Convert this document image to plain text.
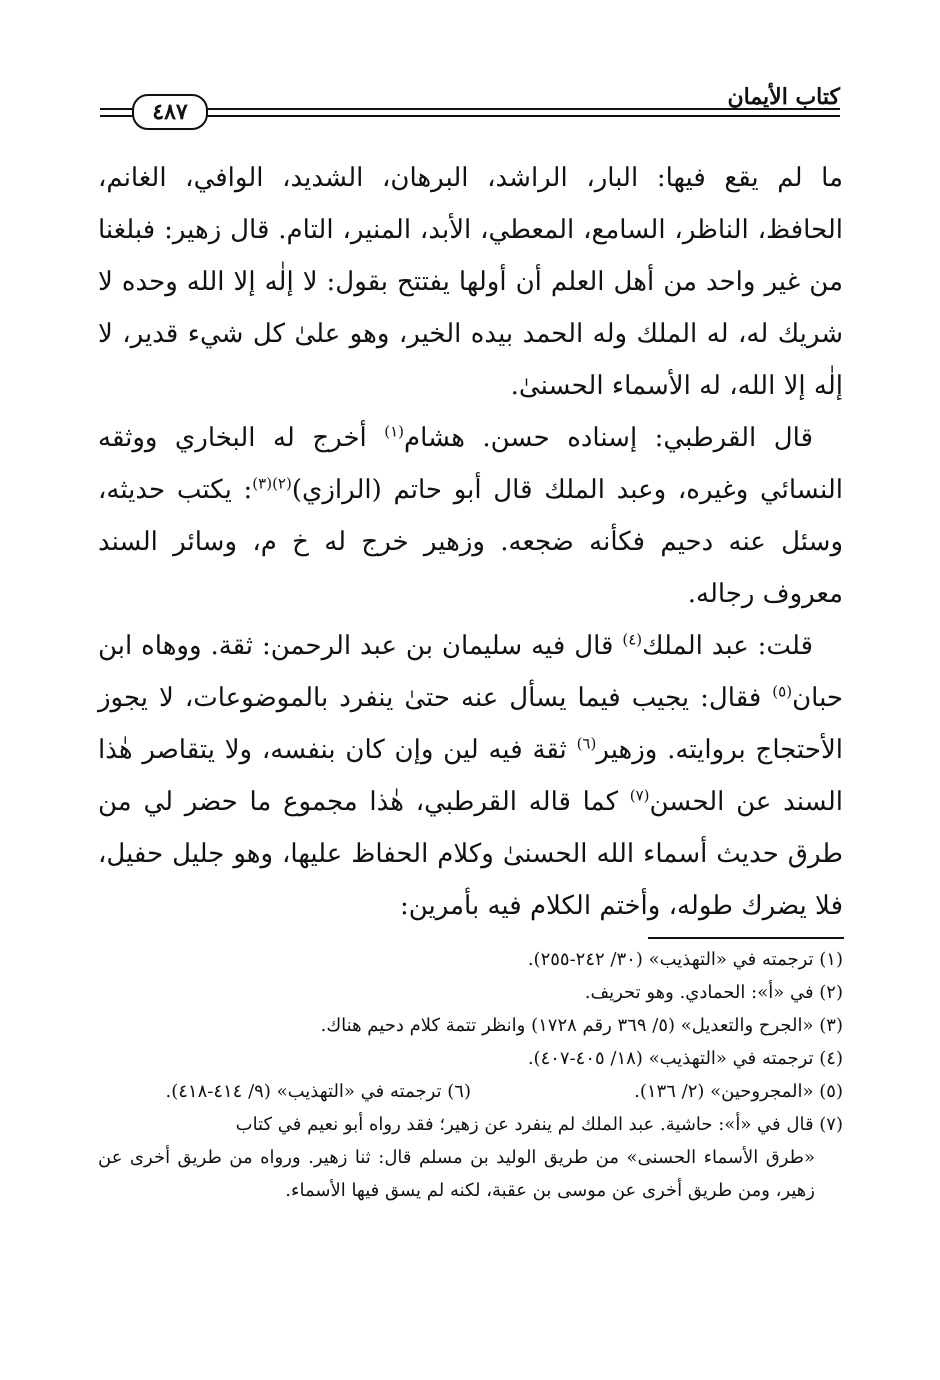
كتاب الأيمان
٤٨٧

ما لم يقع فيها: البار، الراشد، البرهان، الشديد، الوافي، الغانم، الحافظ، الناظر، السامع، المعطي، الأبد، المنير، التام. قال زهير: فبلغنا من غير واحد من أهل العلم أن أولها يفتتح بقول: لا إلٰه إلا الله وحده لا شريك له، له الملك وله الحمد بيده الخير، وهو علىٰ كل شيء قدير، لا إلٰه إلا الله، له الأسماء الحسنىٰ.

قال القرطبي: إسناده حسن. هشام$^{(١)}$ أخرج له البخاري ووثقه النسائي وغيره، وعبد الملك قال أبو حاتم (الرازي)$^{(٢)(٣)}$: يكتب حديثه، وسئل عنه دحيم فكأنه ضجعه. وزهير خرج له خ م، وسائر السند معروف رجاله.

قلت: عبد الملك$^{(٤)}$ قال فيه سليمان بن عبد الرحمن: ثقة. ووهاه ابن حبان$^{(٥)}$ فقال: يجيب فيما يسأل عنه حتىٰ ينفرد بالموضوعات، لا يجوز الأحتجاج بروايته. وزهير$^{(٦)}$ ثقة فيه لين وإن كان بنفسه، ولا يتقاصر هٰذا السند عن الحسن$^{(٧)}$ كما قاله القرطبي، هٰذا مجموع ما حضر لي من طرق حديث أسماء الله الحسنىٰ وكلام الحفاظ عليها، وهو جليل حفيل، فلا يضرك طوله، وأختم الكلام فيه بأمرين:

(١) ترجمته في «التهذيب» (٣٠/ ٢٤٢-٢٥٥).

(٢) في «أ»: الحمادي. وهو تحريف.

(٣) «الجرح والتعديل» (٥/ ٣٦٩ رقم ١٧٢٨) وانظر تتمة كلام دحيم هناك.

(٤) ترجمته في «التهذيب» (١٨/ ٤٠٥-٤٠٧).

(٥) «المجروحين» (٢/ ١٣٦).

(٦) ترجمته في «التهذيب» (٩/ ٤١٤-٤١٨).

(٧) قال في «أ»: حاشية. عبد الملك لم ينفرد عن زهير؛ فقد رواه أبو نعيم في كتاب

«طرق الأسماء الحسنى» من طريق الوليد بن مسلم قال: ثنا زهير. ورواه من طريق أخرى عن زهير، ومن طريق أخرى عن موسى بن عقبة، لكنه لم يسق فيها الأسماء.
